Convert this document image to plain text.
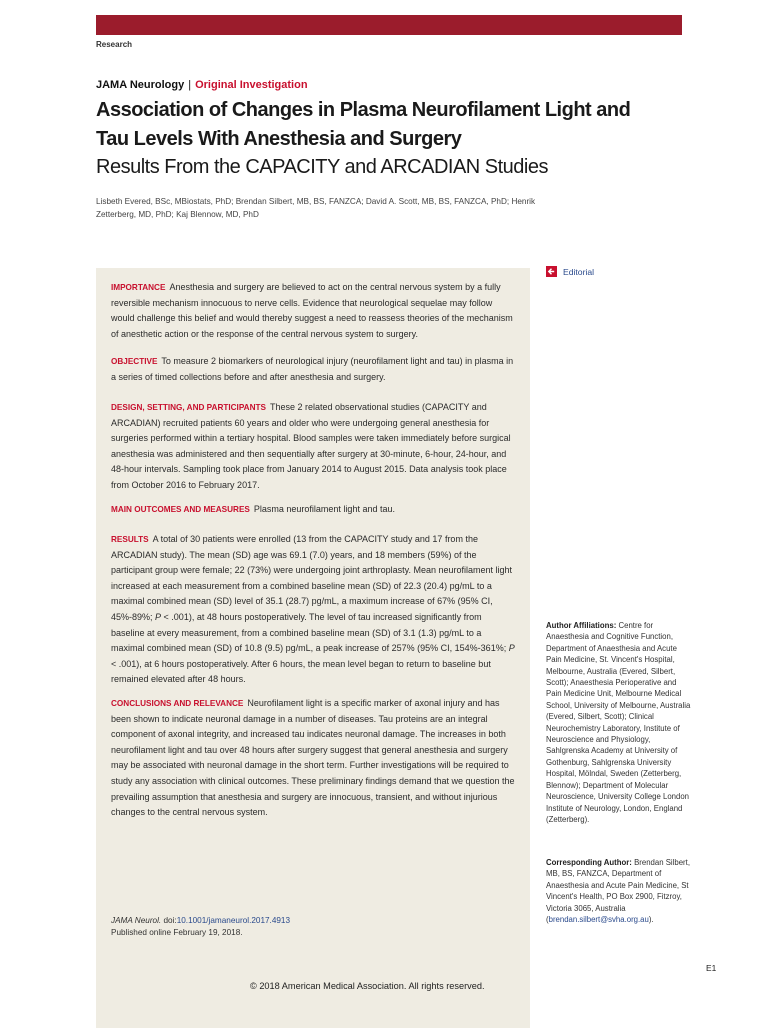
Research
JAMA Neurology | Original Investigation
Association of Changes in Plasma Neurofilament Light and Tau Levels With Anesthesia and Surgery
Results From the CAPACITY and ARCADIAN Studies
Lisbeth Evered, BSc, MBiostats, PhD; Brendan Silbert, MB, BS, FANZCA; David A. Scott, MB, BS, FANZCA, PhD; Henrik Zetterberg, MD, PhD; Kaj Blennow, MD, PhD

IMPORTANCE Anesthesia and surgery are believed to act on the central nervous system by a fully reversible mechanism innocuous to nerve cells. Evidence that neurological sequelae may follow would challenge this belief and would thereby suggest a need to reassess theories of the mechanism of anesthetic action or the response of the central nervous system to surgery.

OBJECTIVE To measure 2 biomarkers of neurological injury (neurofilament light and tau) in plasma in a series of timed collections before and after anesthesia and surgery.

DESIGN, SETTING, AND PARTICIPANTS These 2 related observational studies (CAPACITY and ARCADIAN) recruited patients 60 years and older who were undergoing general anesthesia for surgeries performed within a tertiary hospital. Blood samples were taken immediately before surgical anesthesia was administered and then sequentially after surgery at 30-minute, 6-hour, 24-hour, and 48-hour intervals. Sampling took place from January 2014 to August 2015. Data analysis took place from October 2016 to February 2017.

MAIN OUTCOMES AND MEASURES Plasma neurofilament light and tau.

RESULTS A total of 30 patients were enrolled (13 from the CAPACITY study and 17 from the ARCADIAN study). The mean (SD) age was 69.1 (7.0) years, and 18 members (59%) of the participant group were female; 22 (73%) were undergoing joint arthroplasty. Mean neurofilament light increased at each measurement from a combined baseline mean (SD) of 22.3 (20.4) pg/mL to a maximal combined mean (SD) level of 35.1 (28.7) pg/mL, a maximum increase of 67% (95% CI, 45%-89%; P < .001), at 48 hours postoperatively. The level of tau increased significantly from baseline at every measurement, from a combined baseline mean (SD) of 3.1 (1.3) pg/mL to a maximal combined mean (SD) of 10.8 (9.5) pg/mL, a peak increase of 257% (95% CI, 154%-361%; P < .001), at 6 hours postoperatively. After 6 hours, the mean level began to return to baseline but remained elevated after 48 hours.

CONCLUSIONS AND RELEVANCE Neurofilament light is a specific marker of axonal injury and has been shown to indicate neuronal damage in a number of diseases. Tau proteins are an integral component of axonal integrity, and increased tau indicates neuronal damage. The increases in both neurofilament light and tau over 48 hours after surgery suggest that general anesthesia and surgery may be associated with neuronal damage in the short term. Further investigations will be required to study any association with clinical outcomes. These preliminary findings demand that we question the prevailing assumption that anesthesia and surgery are innocuous, transient, and without injurious changes to the central nervous system.

JAMA Neurol. doi:10.1001/jamaneurol.2017.4913
Published online February 19, 2018.
Editorial
Author Affiliations: Centre for Anaesthesia and Cognitive Function, Department of Anaesthesia and Acute Pain Medicine, St. Vincent's Hospital, Melbourne, Australia (Evered, Silbert, Scott); Anaesthesia Perioperative and Pain Medicine Unit, Melbourne Medical School, University of Melbourne, Australia (Evered, Silbert, Scott); Clinical Neurochemistry Laboratory, Institute of Neuroscience and Physiology, Sahlgrenska Academy at University of Gothenburg, Sahlgrenska University Hospital, Mölndal, Sweden (Zetterberg, Blennow); Department of Molecular Neuroscience, University College London Institute of Neurology, London, England (Zetterberg).
Corresponding Author: Brendan Silbert, MB, BS, FANZCA, Department of Anaesthesia and Acute Pain Medicine, St Vincent's Health, PO Box 2900, Fitzroy, Victoria 3065, Australia (brendan.silbert@svha.org.au).
© 2018 American Medical Association. All rights reserved.
E1
